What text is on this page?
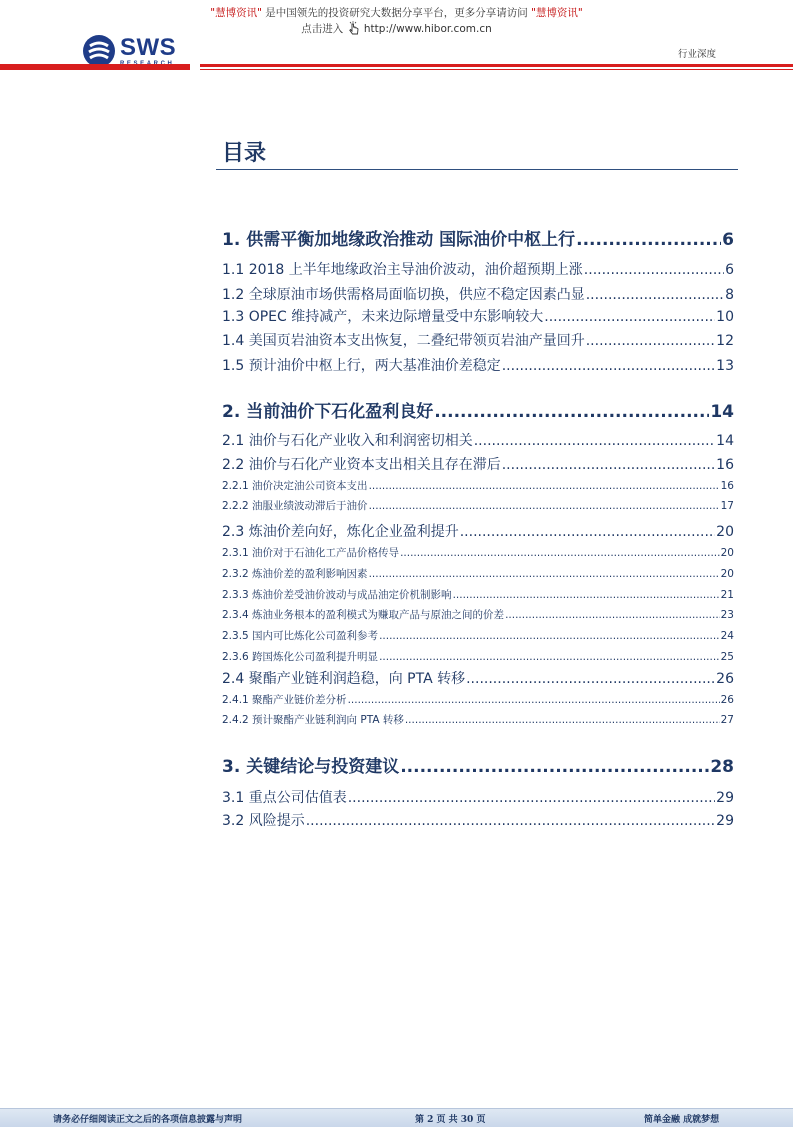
"慧博资讯" 是中国领先的投资研究大数据分享平台，更多分享请访问 "慧博资讯"
点击进入 http://www.hibor.com.cn
SWS	行业深度
目录
1. 供需平衡加地缘政治推动 国际油价中枢上行 .....	6
1.1 2018 上半年地缘政治主导油价波动，油价超预期上涨 .....	6
1.2 全球原油市场供需格局面临切换，供应不稳定因素凸显 .....	8
1.3 OPEC 维持减产，未来边际增量受中东影响较大 .....	10
1.4 美国页岩油资本支出恢复，二叠纪带领页岩油产量回升 .....	12
1.5 预计油价中枢上行，两大基准油价差稳定 .....	13
2. 当前油价下石化盈利良好 .....	14
2.1 油价与石化产业收入和利润密切相关 .....	14
2.2 油价与石化产业资本支出相关且存在滞后 .....	16
2.2.1 油价决定油公司资本支出 .....	16
2.2.2 油服业绩波动滞后于油价 .....	17
2.3 炼油价差向好，炼化企业盈利提升 .....	20
2.3.1 油价对于石油化工产品价格传导 .....	20
2.3.2 炼油价差的盈利影响因素 .....	20
2.3.3 炼油价差受油价波动与成品油定价机制影响 .....	21
2.3.4 炼油业务根本的盈利模式为赚取产品与原油之间的价差 .....	23
2.3.5 国内可比炼化公司盈利参考 .....	24
2.3.6 跨国炼化公司盈利提升明显 .....	25
2.4 聚酯产业链利润趋稳，向 PTA 转移 .....	26
2.4.1 聚酯产业链价差分析 .....	26
2.4.2 预计聚酯产业链利润向 PTA 转移 .....	27
3. 关键结论与投资建议 .....	28
3.1 重点公司估值表 .....	29
3.2 风险提示 .....	29
请务必仔细阅读正文之后的各项信息披露与声明	第 2 页 共 30 页	简单金融 成就梦想
